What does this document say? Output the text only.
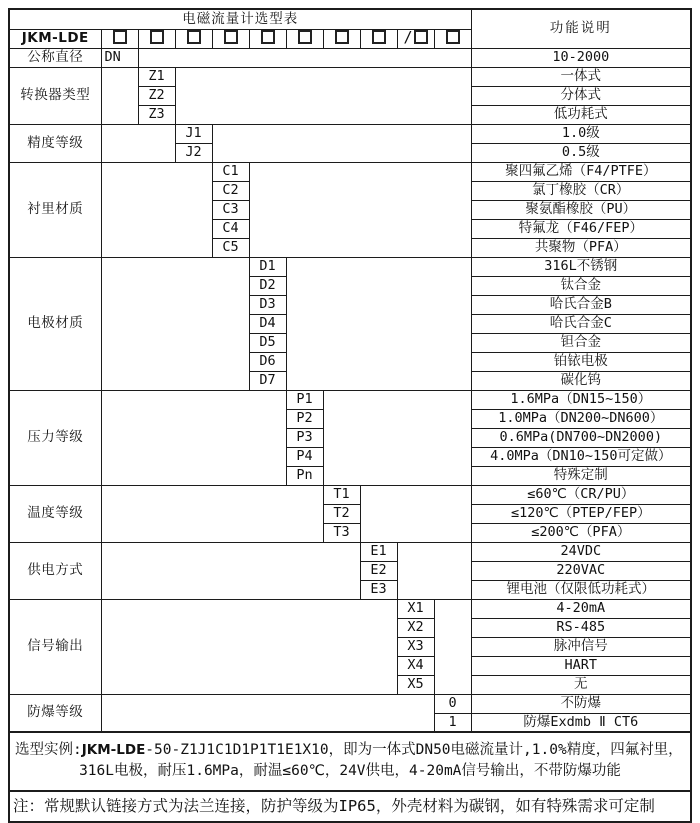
电磁流量计选型表											功能说明
JKM-LDE									/		
公称直径	DN										10-2000
转换器类型		Z1									一体式
		Z2									分体式
		Z3									低功耗式
精度等级			J1								1.0级
			J2								0.5级
衬里材质				C1							聚四氟乙烯（F4/PTFE）
				C2							氯丁橡胶（CR）
				C3							聚氨酯橡胶（PU）
				C4							特氟龙（F46/FEP）
				C5							共聚物（PFA）
电极材质					D1						316L不锈钢
					D2						钛合金
					D3						哈氏合金B
					D4						哈氏合金C
					D5						钽合金
					D6						铂铱电极
					D7						碳化钨
压力等级						P1					1.6MPa（DN15~150）
						P2					1.0MPa（DN200~DN600）
						P3					0.6MPa(DN700~DN2000)
						P4					4.0MPa（DN10~150可定做）
						Pn					特殊定制
温度等级							T1				≤60℃（CR/PU）
							T2				≤120℃（PTEP/FEP）
							T3				≤200℃（PFA）
供电方式								E1			24VDC
								E2			220VAC
								E3			锂电池（仅限低功耗式）
信号输出									X1		4-20mA
									X2		RS-485
									X3		脉冲信号
									X4		HART
									X5		无
防爆等级										0	不防爆
										1	防爆Exdmb Ⅱ CT6
选型实例:JKM-LDE-50-Z1J1C1D1P1T1E1X10，即为一体式DN50电磁流量计,1.0%精度，四氟衬里，
316L电极，耐压1.6MPa，耐温≤60℃，24V供电，4-20mA信号输出，不带防爆功能
注：常规默认链接方式为法兰连接，防护等级为IP65，外壳材料为碳钢，如有特殊需求可定制
